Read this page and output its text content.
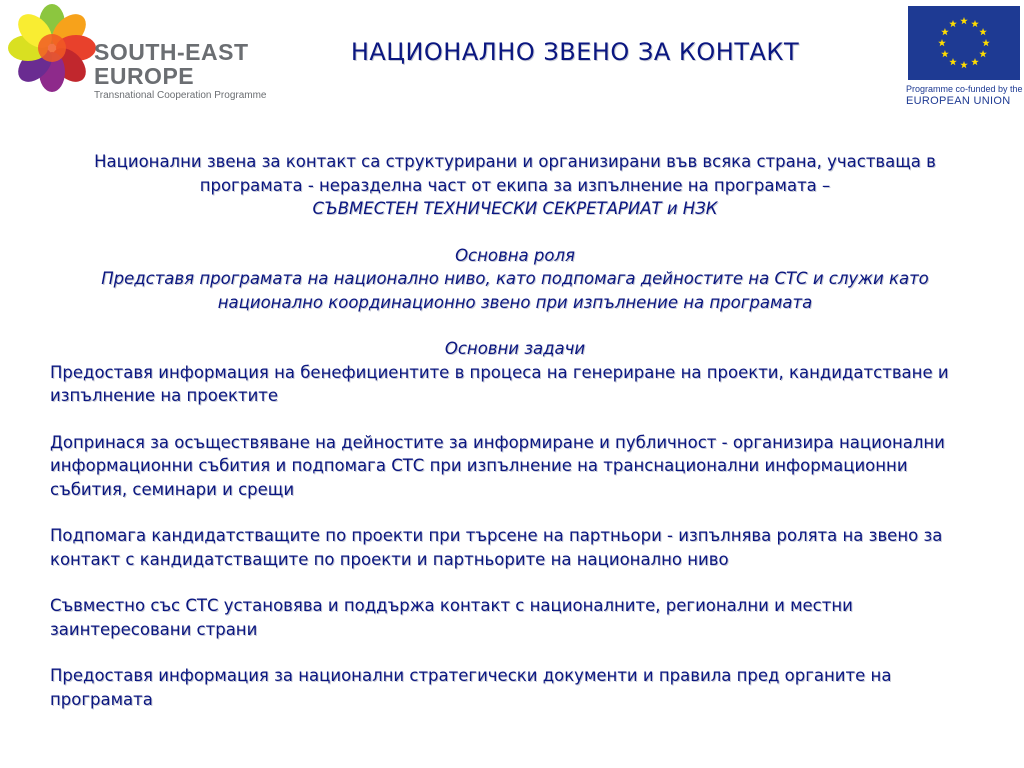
SOUTH-EAST
EUROPE
Transnational Cooperation Programme
НАЦИОНАЛНО ЗВЕНО ЗА КОНТАКТ
Programme co-funded by the
EUROPEAN UNION

Национални звена за контакт са структурирани и организирани във всяка страна, участваща в програмата - неразделна част от екипа за изпълнение на програмата –

СЪВМЕСТЕН ТЕХНИЧЕСКИ СЕКРЕТАРИАТ и НЗК

Основна роля

Представя програмата на национално ниво, като подпомага дейностите на СТС и служи като национално координационно звено при изпълнение на програмата

Основни задачи

Предоставя информация на бенефициентите в процеса на генериране на проекти, кандидатстване и изпълнение на проектите

Допринася за осъществяване на дейностите за информиране и публичност - организира национални информационни събития и подпомага СТС при изпълнение на транснационални информационни събития, семинари и срещи

Подпомага кандидатстващите по проекти при търсене на партньори - изпълнява ролята на звено за контакт с кандидатстващите по проекти и партньорите на национално ниво

Съвместно със СТС установява и поддържа контакт с националните, регионални и местни заинтересовани страни

Предоставя информация за национални стратегически документи и правила пред органите на програмата
